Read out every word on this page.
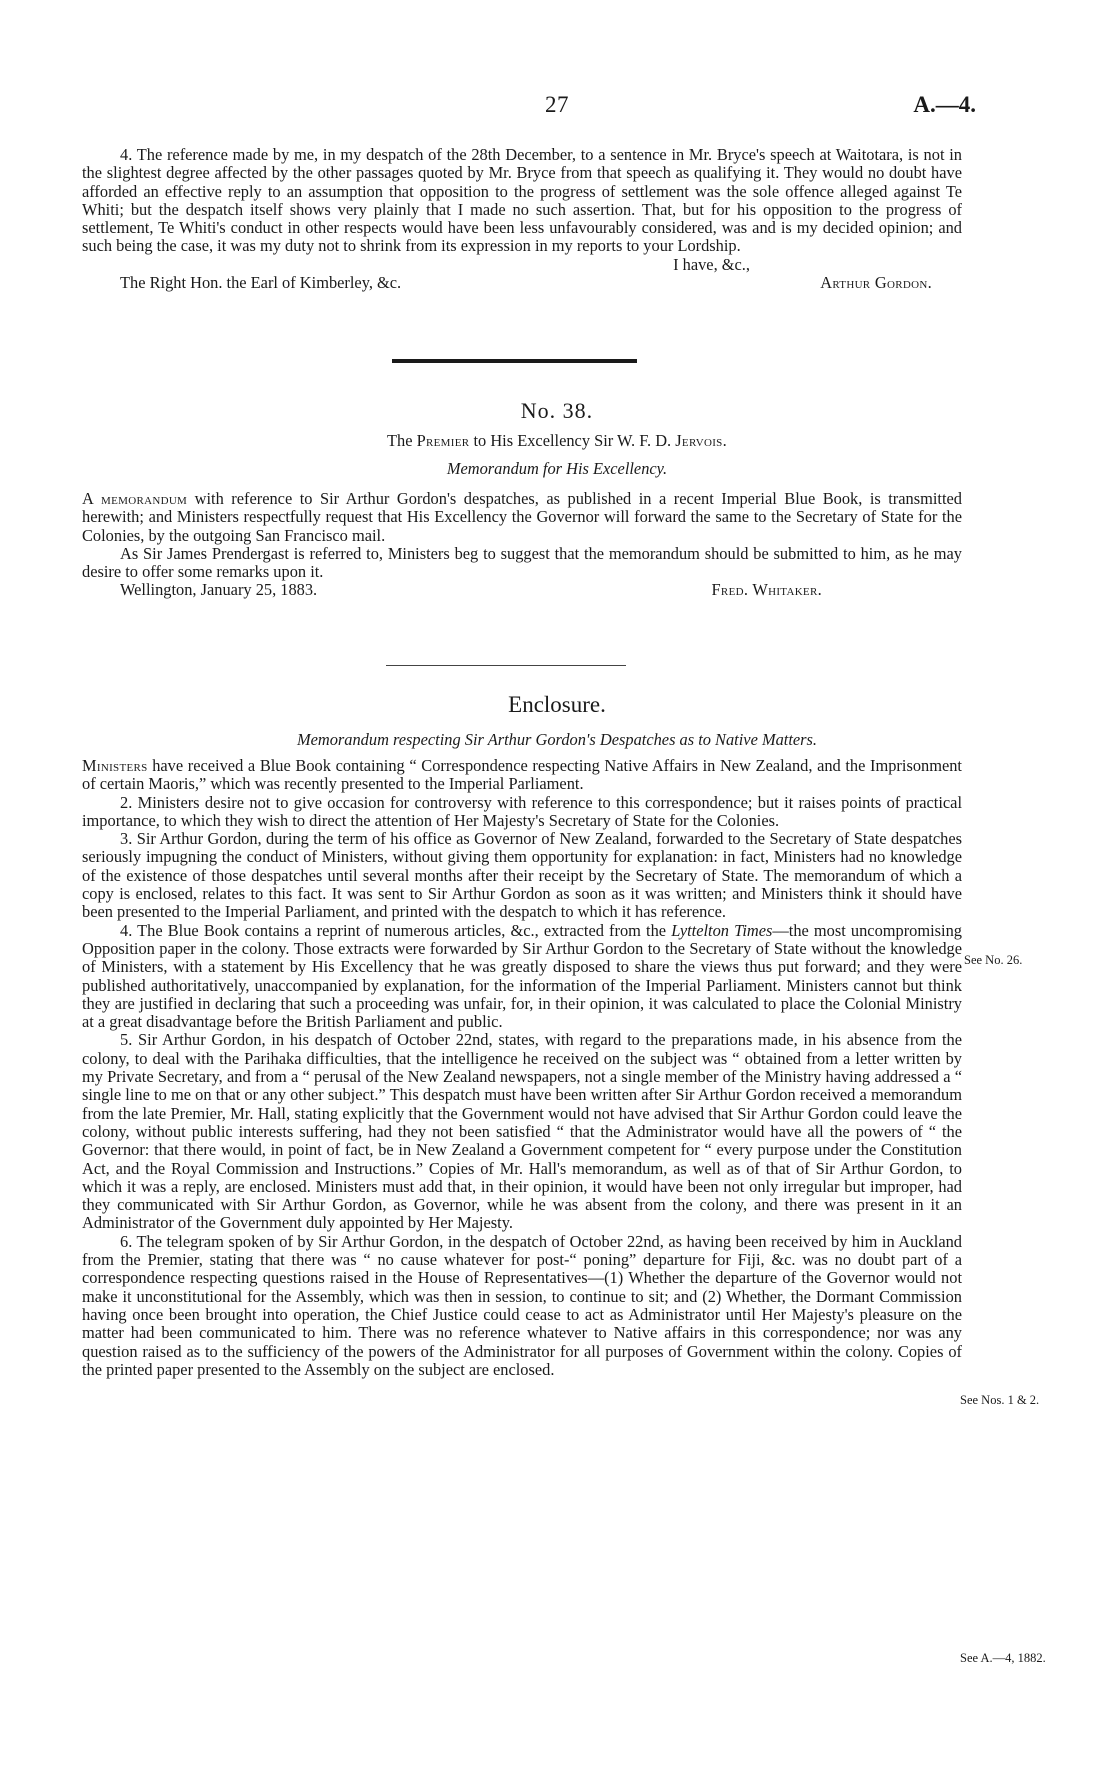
27	A.—4.

4. The reference made by me, in my despatch of the 28th December, to a sentence in Mr. Bryce's speech at Waitotara, is not in the slightest degree affected by the other passages quoted by Mr. Bryce from that speech as qualifying it. They would no doubt have afforded an effective reply to an assumption that opposition to the progress of settlement was the sole offence alleged against Te Whiti; but the despatch itself shows very plainly that I made no such assertion. That, but for his opposition to the progress of settlement, Te Whiti's conduct in other respects would have been less unfavourably considered, was and is my decided opinion; and such being the case, it was my duty not to shrink from its expression in my reports to your Lordship.

I have, &c.,
The Right Hon. the Earl of Kimberley, &c.	Arthur Gordon.
No. 38.
The Premier to His Excellency Sir W. F. D. Jervois.
Memorandum for His Excellency.

A memorandum with reference to Sir Arthur Gordon's despatches, as published in a recent Imperial Blue Book, is transmitted herewith; and Ministers respectfully request that His Excellency the Governor will forward the same to the Secretary of State for the Colonies, by the outgoing San Francisco mail.

As Sir James Prendergast is referred to, Ministers beg to suggest that the memorandum should be submitted to him, as he may desire to offer some remarks upon it.

Wellington, January 25, 1883.	Fred. Whitaker.
Enclosure.
Memorandum respecting Sir Arthur Gordon's Despatches as to Native Matters.

Ministers have received a Blue Book containing “ Correspondence respecting Native Affairs in New Zealand, and the Imprisonment of certain Maoris,” which was recently presented to the Imperial Parliament.

2. Ministers desire not to give occasion for controversy with reference to this correspondence; but it raises points of practical importance, to which they wish to direct the attention of Her Majesty's Secretary of State for the Colonies.

3. Sir Arthur Gordon, during the term of his office as Governor of New Zealand, forwarded to the Secretary of State despatches seriously impugning the conduct of Ministers, without giving them opportunity for explanation: in fact, Ministers had no knowledge of the existence of those despatches until several months after their receipt by the Secretary of State. The memorandum of which a copy is enclosed, relates to this fact. It was sent to Sir Arthur Gordon as soon as it was written; and Ministers think it should have been presented to the Imperial Parliament, and printed with the despatch to which it has reference.

4. The Blue Book contains a reprint of numerous articles, &c., extracted from the Lyttelton Times—the most uncompromising Opposition paper in the colony. Those extracts were forwarded by Sir Arthur Gordon to the Secretary of State without the knowledge of Ministers, with a statement by His Excellency that he was greatly disposed to share the views thus put forward; and they were published authoritatively, unaccompanied by explanation, for the information of the Imperial Parliament. Ministers cannot but think they are justified in declaring that such a proceeding was unfair, for, in their opinion, it was calculated to place the Colonial Ministry at a great disadvantage before the British Parliament and public.

5. Sir Arthur Gordon, in his despatch of October 22nd, states, with regard to the preparations made, in his absence from the colony, to deal with the Parihaka difficulties, that the intelligence he received on the subject was “ obtained from a letter written by my Private Secretary, and from a “ perusal of the New Zealand newspapers, not a single member of the Ministry having addressed a “ single line to me on that or any other subject.” This despatch must have been written after Sir Arthur Gordon received a memorandum from the late Premier, Mr. Hall, stating explicitly that the Government would not have advised that Sir Arthur Gordon could leave the colony, without public interests suffering, had they not been satisfied “ that the Administrator would have all the powers of “ the Governor: that there would, in point of fact, be in New Zealand a Government competent for “ every purpose under the Constitution Act, and the Royal Commission and Instructions.” Copies of Mr. Hall's memorandum, as well as of that of Sir Arthur Gordon, to which it was a reply, are enclosed. Ministers must add that, in their opinion, it would have been not only irregular but improper, had they communicated with Sir Arthur Gordon, as Governor, while he was absent from the colony, and there was present in it an Administrator of the Government duly appointed by Her Majesty.

6. The telegram spoken of by Sir Arthur Gordon, in the despatch of October 22nd, as having been received by him in Auckland from the Premier, stating that there was “ no cause whatever for post-“ poning” departure for Fiji, &c. was no doubt part of a correspondence respecting questions raised in the House of Representatives—(1) Whether the departure of the Governor would not make it unconstitutional for the Assembly, which was then in session, to continue to sit; and (2) Whether, the Dormant Commission having once been brought into operation, the Chief Justice could cease to act as Administrator until Her Majesty's pleasure on the matter had been communicated to him. There was no reference whatever to Native affairs in this correspondence; nor was any question raised as to the sufficiency of the powers of the Administrator for all purposes of Government within the colony. Copies of the printed paper presented to the Assembly on the subject are enclosed.

See No. 26.
See Nos. 1 & 2.
See A.—4, 1882.
